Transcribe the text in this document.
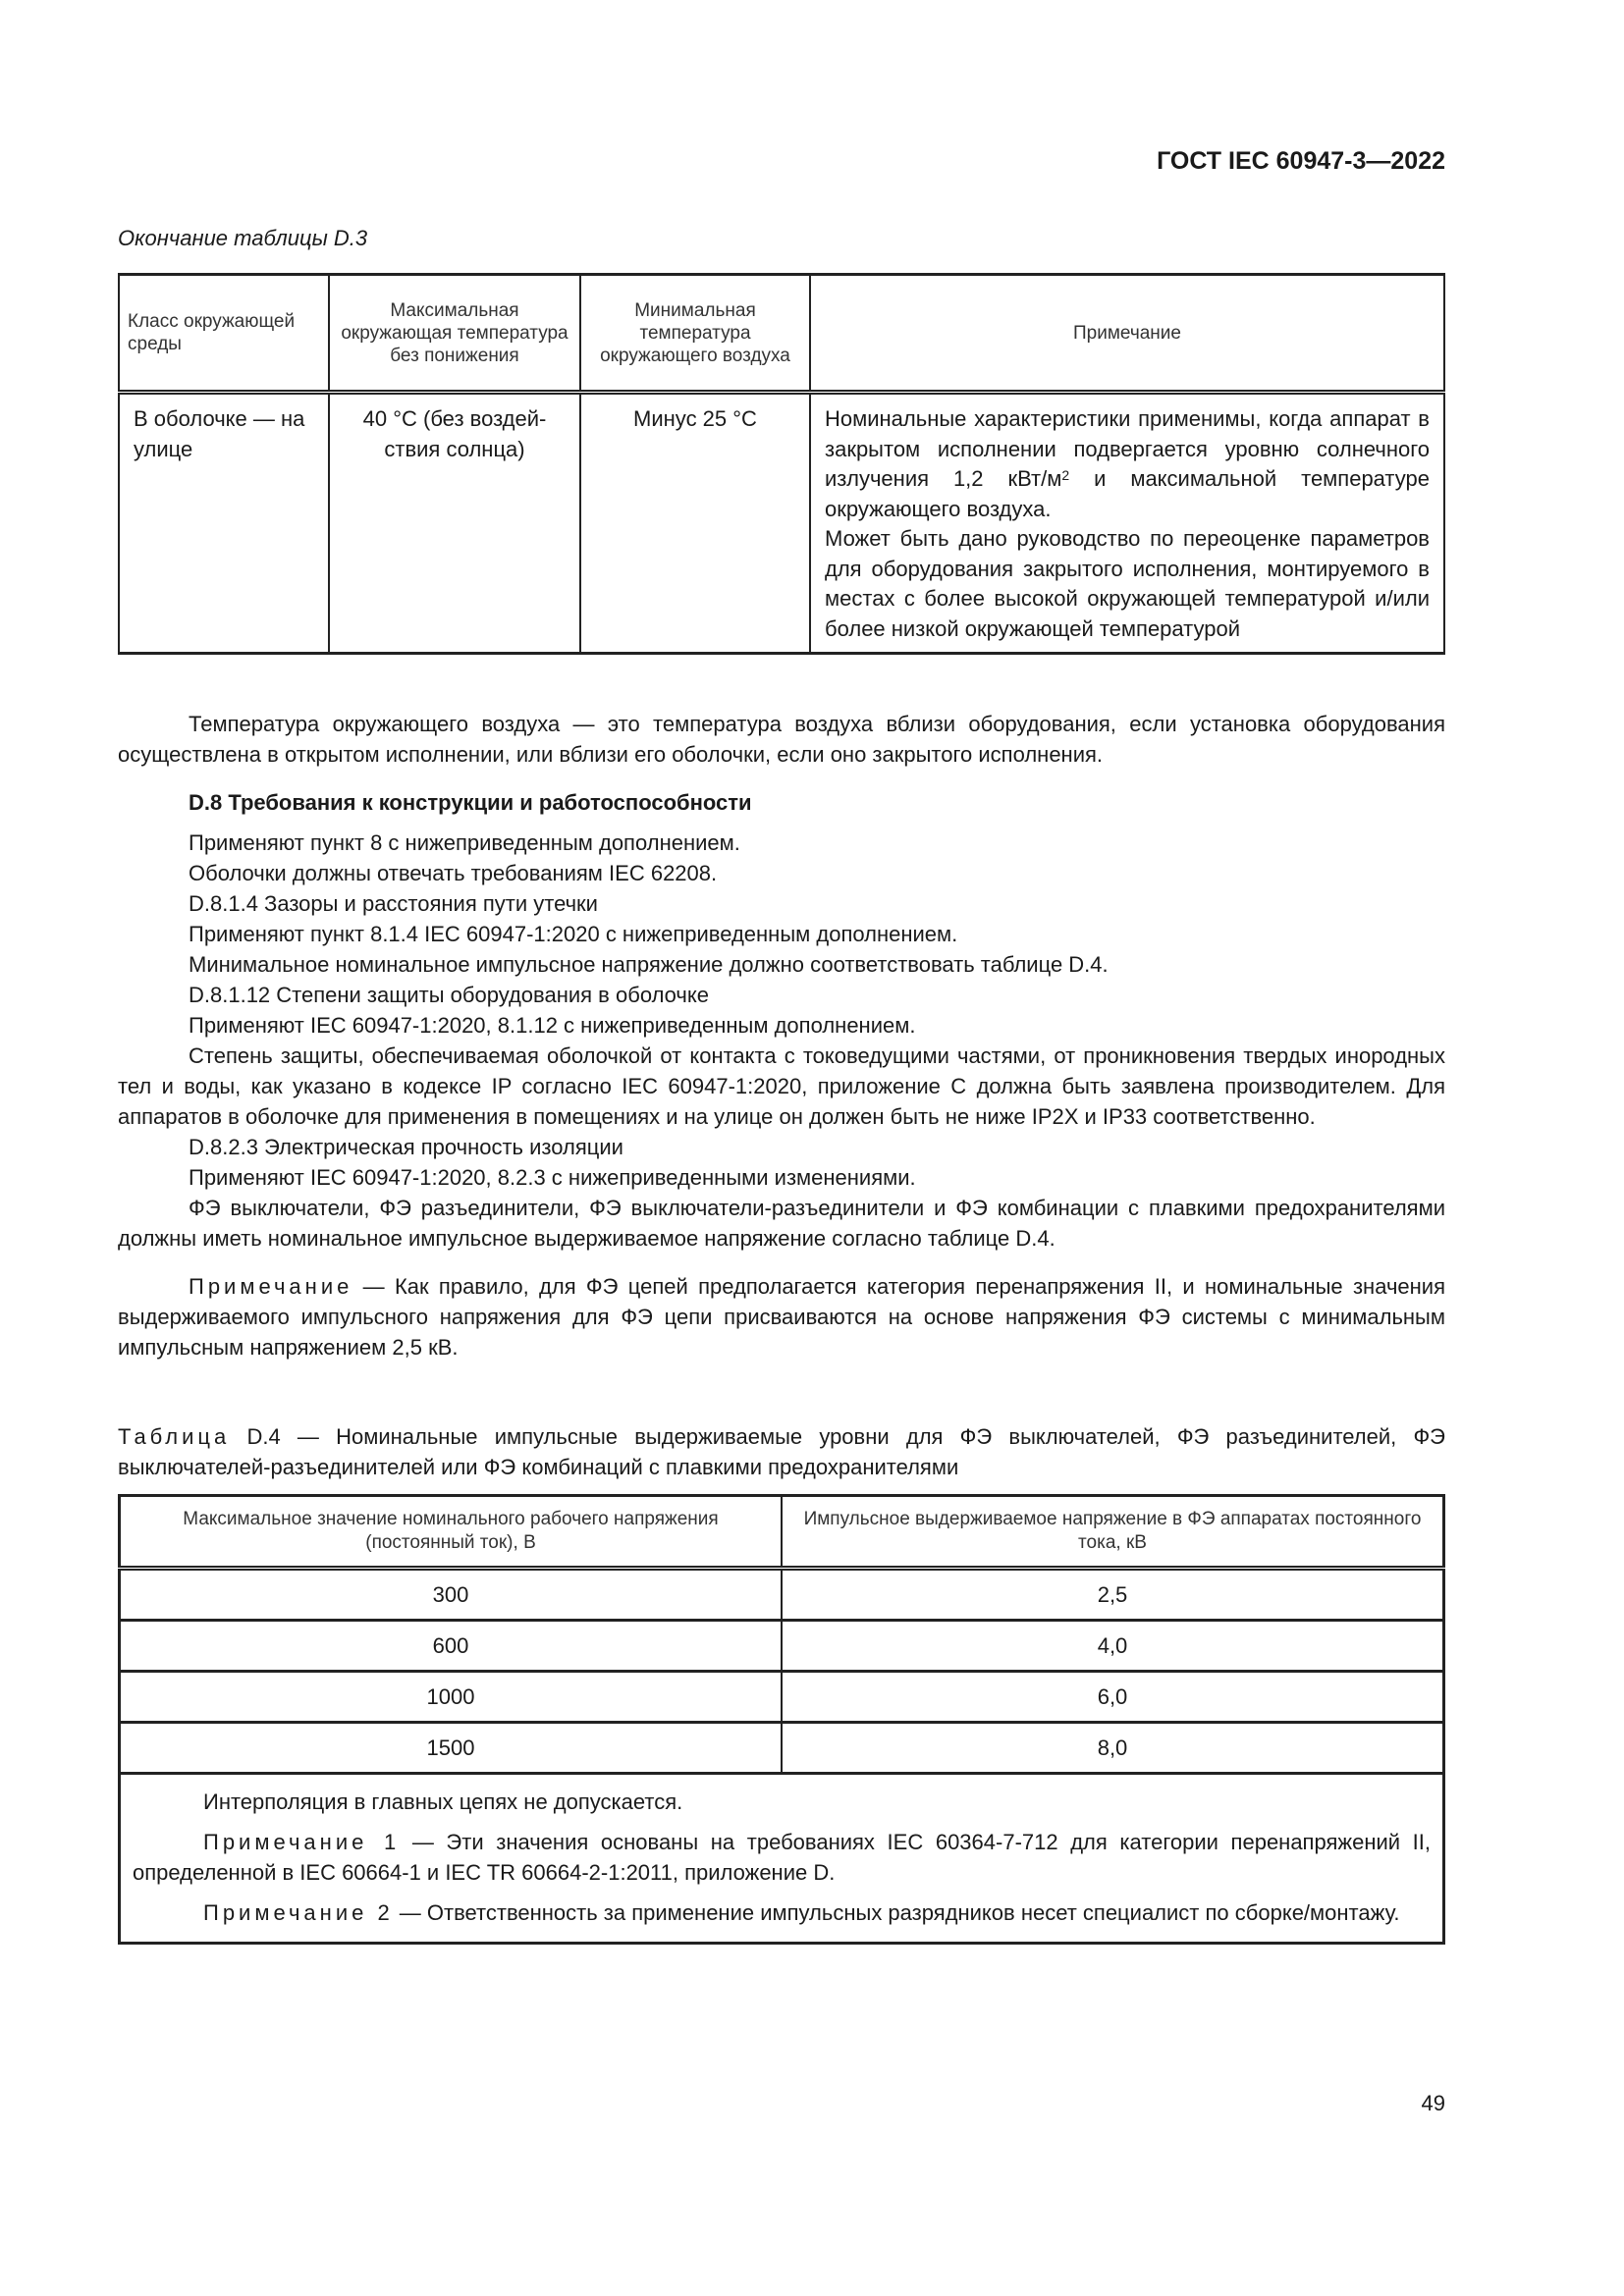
ГОСТ IEC 60947-3—2022
Окончание таблицы D.3
Класс окружающей среды	Максимальная окружающая температура без понижения	Минимальная температура окружающего воздуха	Примечание
В оболочке — на улице	40 °C (без воздей-ствия солнца)	Минус 25 °C	Номинальные характеристики применимы, когда аппарат в закрытом исполнении подвергается уровню солнечного излучения 1,2 кВт/$м^2$ и максимальной температуре окружающего воздуха.

Может быть дано руководство по переоценке параметров для оборудования закрытого исполнения, монтируемого в местах с более высокой окружающей температурой и/или более низкой окружающей температурой

Температура окружающего воздуха — это температура воздуха вблизи оборудования, если установка оборудования осуществлена в открытом исполнении, или вблизи его оболочки, если оно закрытого исполнения.

D.8 Требования к конструкции и работоспособности

Применяют пункт 8 с нижеприведенным дополнением.

Оболочки должны отвечать требованиям IEC 62208.

D.8.1.4 Зазоры и расстояния пути утечки

Применяют пункт 8.1.4 IEC 60947-1:2020 с нижеприведенным дополнением.

Минимальное номинальное импульсное напряжение должно соответствовать таблице D.4.

D.8.1.12 Степени защиты оборудования в оболочке

Применяют IEC 60947-1:2020, 8.1.12 с нижеприведенным дополнением.

Степень защиты, обеспечиваемая оболочкой от контакта с токоведущими частями, от проникновения твердых инородных тел и воды, как указано в кодексе IP согласно IEC 60947-1:2020, приложение C должна быть заявлена производителем. Для аппаратов в оболочке для применения в помещениях и на улице он должен быть не ниже IP2X и IP33 соответственно.

D.8.2.3 Электрическая прочность изоляции

Применяют IEC 60947-1:2020, 8.2.3 с нижеприведенными изменениями.

ФЭ выключатели, ФЭ разъединители, ФЭ выключатели-разъединители и ФЭ комбинации с плавкими предохранителями должны иметь номинальное импульсное выдерживаемое напряжение согласно таблице D.4.

Примечание — Как правило, для ФЭ цепей предполагается категория перенапряжения II, и номинальные значения выдерживаемого импульсного напряжения для ФЭ цепи присваиваются на основе напряжения ФЭ системы с минимальным импульсным напряжением 2,5 кВ.

Таблица D.4 — Номинальные импульсные выдерживаемые уровни для ФЭ выключателей, ФЭ разъединителей, ФЭ выключателей-разъединителей или ФЭ комбинаций с плавкими предохранителями
Максимальное значение номинального рабочего напряжения (постоянный ток), В	Импульсное выдерживаемое напряжение в ФЭ аппаратах постоянного тока, кВ
300	2,5
600	4,0
1000	6,0
1500	8,0

Интерполяция в главных цепях не допускается.

Примечание 1 — Эти значения основаны на требованиях IEC 60364-7-712 для категории перенапряжений II, определенной в IEC 60664-1 и IEC TR 60664-2-1:2011, приложение D.

Примечание 2 — Ответственность за применение импульсных разрядников несет специалист по сборке/монтажу.	

49
